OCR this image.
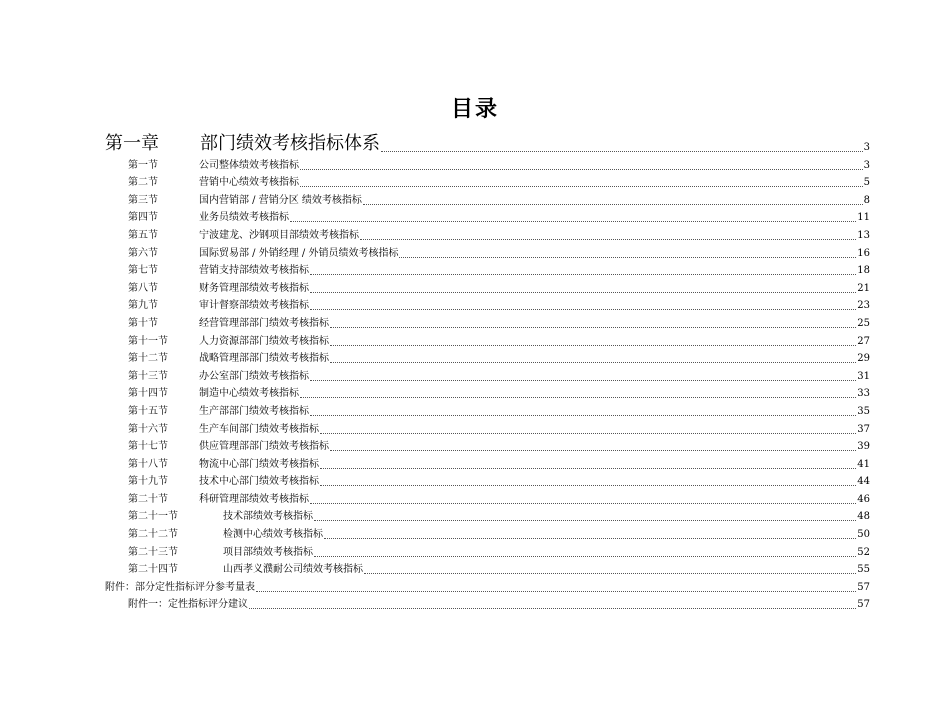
目录
第一章	部门绩效考核指标体系	3
第一节	公司整体绩效考核指标	3
第二节	营销中心绩效考核指标	5
第三节	国内营销部 / 营销分区 绩效考核指标	8
第四节	业务员绩效考核指标	11
第五节	宁波建龙、沙钢项目部绩效考核指标	13
第六节	国际贸易部 / 外销经理 / 外销员绩效考核指标	16
第七节	营销支持部绩效考核指标	18
第八节	财务管理部绩效考核指标	21
第九节	审计督察部绩效考核指标	23
第十节	经营管理部部门绩效考核指标	25
第十一节	人力资源部部门绩效考核指标	27
第十二节	战略管理部部门绩效考核指标	29
第十三节	办公室部门绩效考核指标	31
第十四节	制造中心绩效考核指标	33
第十五节	生产部部门绩效考核指标	35
第十六节	生产车间部门绩效考核指标	37
第十七节	供应管理部部门绩效考核指标	39
第十八节	物流中心部门绩效考核指标	41
第十九节	技术中心部门绩效考核指标	44
第二十节	科研管理部绩效考核指标	46
第二十一节	技术部绩效考核指标	48
第二十二节	检测中心绩效考核指标	50
第二十三节	项目部绩效考核指标	52
第二十四节	山西孝义濮耐公司绩效考核指标	55
附件：部分定性指标评分参考量表	57
附件一：定性指标评分建议	57
